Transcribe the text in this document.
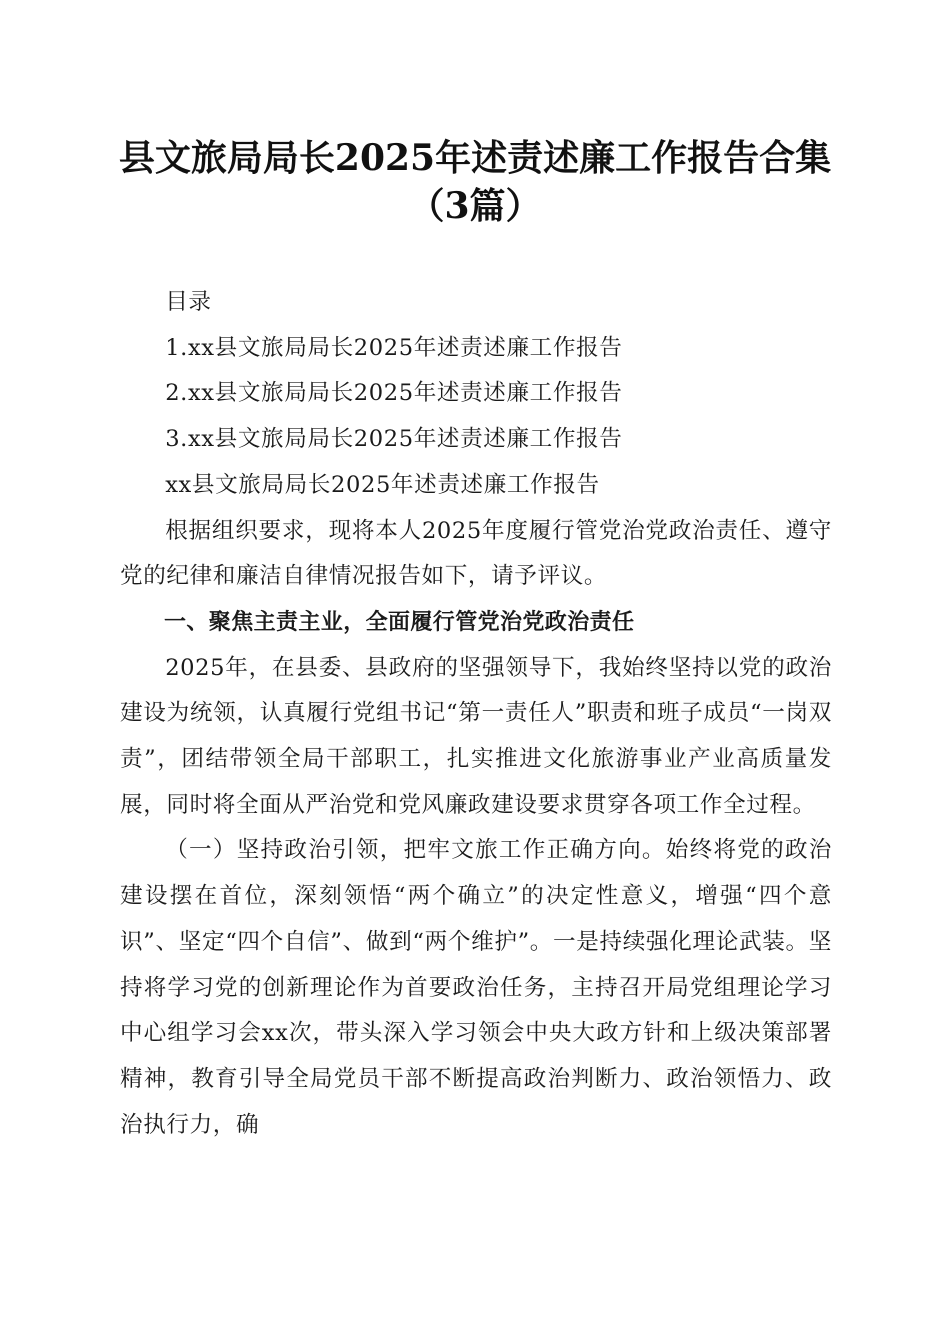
县文旅局局长2025年述责述廉工作报告合集
（3篇）

目录

1.xx县文旅局局长2025年述责述廉工作报告

2.xx县文旅局局长2025年述责述廉工作报告

3.xx县文旅局局长2025年述责述廉工作报告

xx县文旅局局长2025年述责述廉工作报告

根据组织要求，现将本人2025年度履行管党治党政治责任、遵守党的纪律和廉洁自律情况报告如下，请予评议。

一、聚焦主责主业，全面履行管党治党政治责任

2025年，在县委、县政府的坚强领导下，我始终坚持以党的政治建设为统领，认真履行党组书记“第一责任人”职责和班子成员“一岗双责”，团结带领全局干部职工，扎实推进文化旅游事业产业高质量发展，同时将全面从严治党和党风廉政建设要求贯穿各项工作全过程。

（一）坚持政治引领，把牢文旅工作正确方向。始终将党的政治建设摆在首位，深刻领悟“两个确立”的决定性意义，增强“四个意识”、坚定“四个自信”、做到“两个维护”。一是持续强化理论武装。坚持将学习党的创新理论作为首要政治任务，主持召开局党组理论学习中心组学习会xx次，带头深入学习领会中央大政方针和上级决策部署精神，教育引导全局党员干部不断提高政治判断力、政治领悟力、政治执行力，确
